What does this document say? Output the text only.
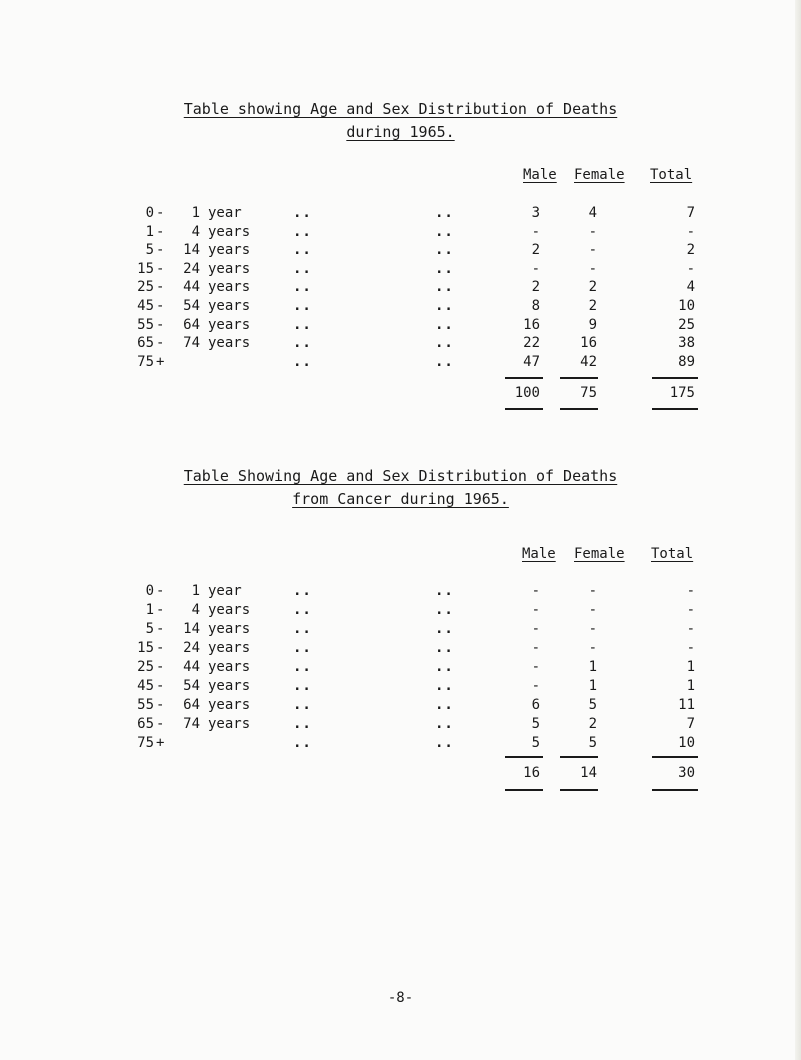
Table showing Age and Sex Distribution of Deaths
during 1965.
Male Female Total
0 -	1 year	..	..	3	4	7
1 -	4 years	..	..	-	-	-
5 -	14 years	..	..	2	-	2
15 -	24 years	..	..	-	-	-
25 -	44 years	..	..	2	2	4
45 -	54 years	..	..	8	2	10
55 -	64 years	..	..	16	9	25
65 -	74 years	..	..	22	16	38
75 +	..	..	47	42	89
100	75	175
Table Showing Age and Sex Distribution of Deaths
from Cancer during 1965.
Male Female Total
0 -	1 year	..	..	-	-	-
1 -	4 years	..	..	-	-	-
5 -	14 years	..	..	-	-	-
15 -	24 years	..	..	-	-	-
25 -	44 years	..	..	-	1	1
45 -	54 years	..	..	-	1	1
55 -	64 years	..	..	6	5	11
65 -	74 years	..	..	5	2	7
75 +	..	..	5	5	10
16	14	30
-8-
